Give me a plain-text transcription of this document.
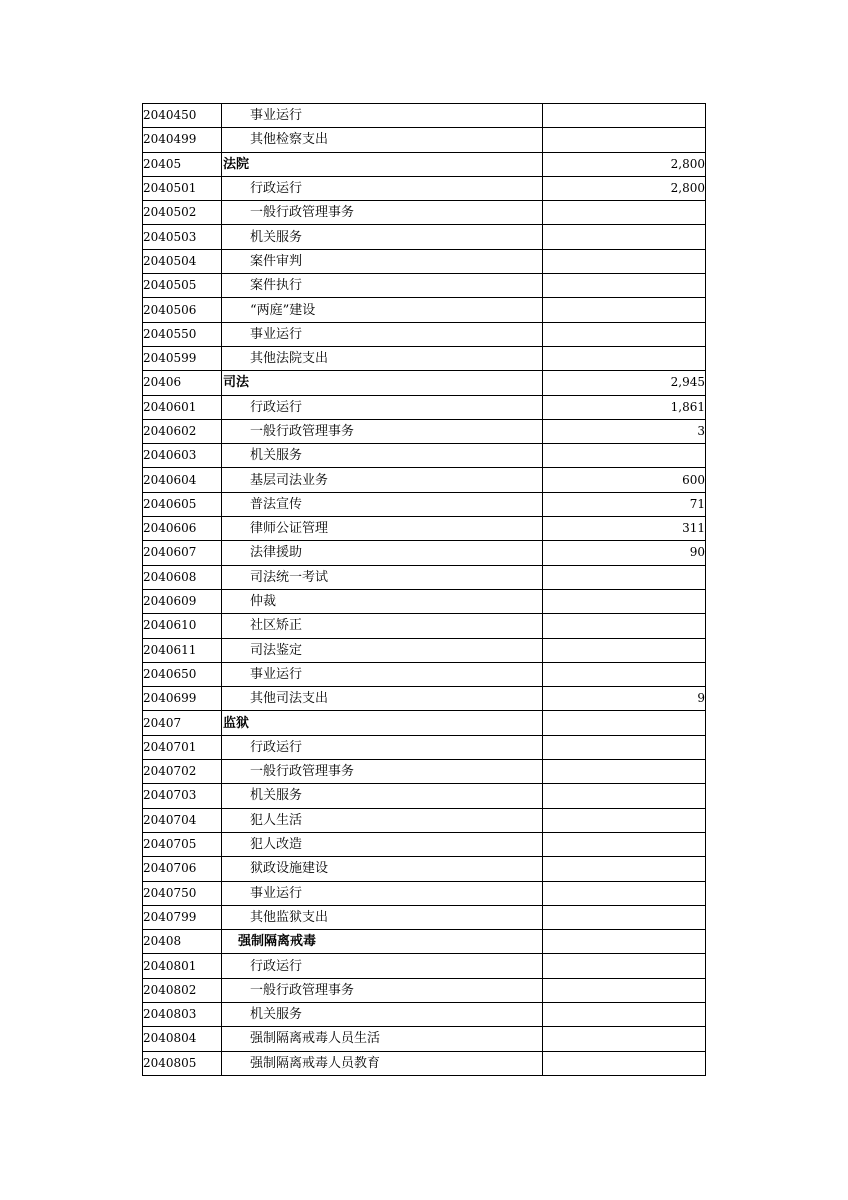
2040450	事业运行	
2040499	其他检察支出	
20405	法院	2,800
2040501	行政运行	2,800
2040502	一般行政管理事务	
2040503	机关服务	
2040504	案件审判	
2040505	案件执行	
2040506	“两庭”建设	
2040550	事业运行	
2040599	其他法院支出	
20406	司法	2,945
2040601	行政运行	1,861
2040602	一般行政管理事务	3
2040603	机关服务	
2040604	基层司法业务	600
2040605	普法宣传	71
2040606	律师公证管理	311
2040607	法律援助	90
2040608	司法统一考试	
2040609	仲裁	
2040610	社区矫正	
2040611	司法鉴定	
2040650	事业运行	
2040699	其他司法支出	9
20407	监狱	
2040701	行政运行	
2040702	一般行政管理事务	
2040703	机关服务	
2040704	犯人生活	
2040705	犯人改造	
2040706	狱政设施建设	
2040750	事业运行	
2040799	其他监狱支出	
20408	强制隔离戒毒	
2040801	行政运行	
2040802	一般行政管理事务	
2040803	机关服务	
2040804	强制隔离戒毒人员生活	
2040805	强制隔离戒毒人员教育	
